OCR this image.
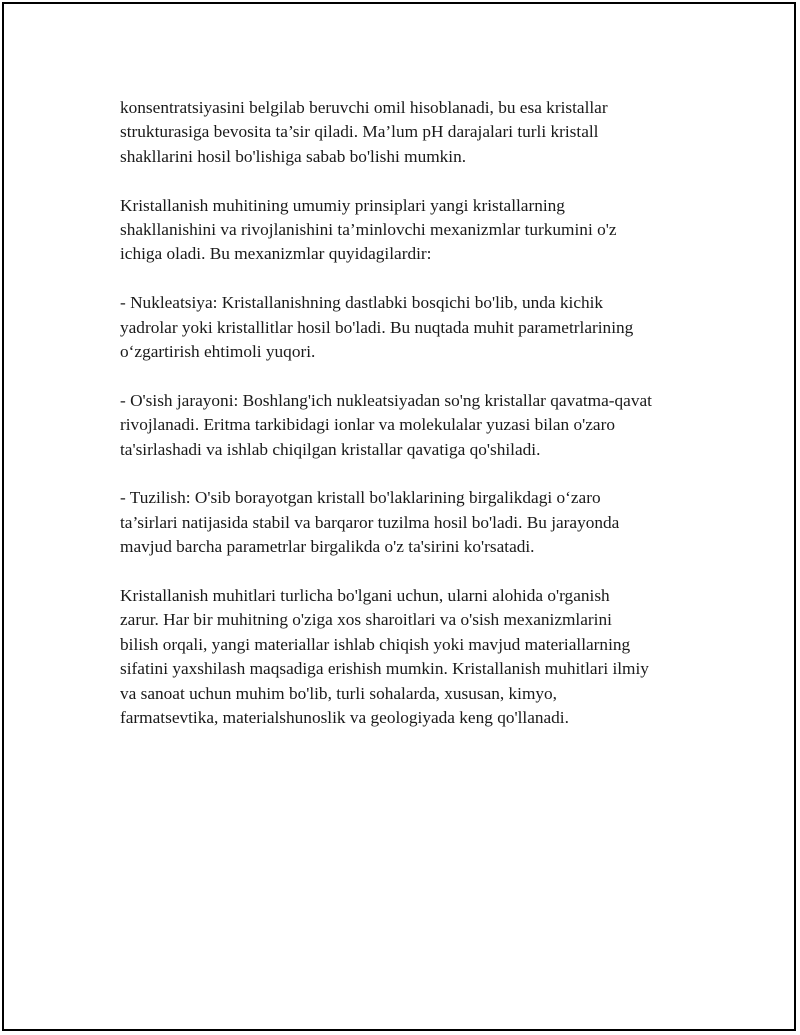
konsentratsiyasini belgilab beruvchi omil hisoblanadi, bu esa kristallar
strukturasiga bevosita ta’sir qiladi. Ma’lum pH darajalari turli kristall
shakllarini hosil bo'lishiga sabab bo'lishi mumkin.

Kristallanish muhitining umumiy prinsiplari yangi kristallarning
shakllanishini va rivojlanishini ta’minlovchi mexanizmlar turkumini o'z
ichiga oladi. Bu mexanizmlar quyidagilardir:

- Nukleatsiya: Kristallanishning dastlabki bosqichi bo'lib, unda kichik
yadrolar yoki kristallitlar hosil bo'ladi. Bu nuqtada muhit parametrlarining
o‘zgartirish ehtimoli yuqori.

- O'sish jarayoni: Boshlang'ich nukleatsiyadan so'ng kristallar qavatma-qavat
rivojlanadi. Eritma tarkibidagi ionlar va molekulalar yuzasi bilan o'zaro
ta'sirlashadi va ishlab chiqilgan kristallar qavatiga qo'shiladi.

- Tuzilish: O'sib borayotgan kristall bo'laklarining birgalikdagi o‘zaro
ta’sirlari natijasida stabil va barqaror tuzilma hosil bo'ladi. Bu jarayonda
mavjud barcha parametrlar birgalikda o'z ta'sirini ko'rsatadi.

Kristallanish muhitlari turlicha bo'lgani uchun, ularni alohida o'rganish
zarur. Har bir muhitning o'ziga xos sharoitlari va o'sish mexanizmlarini
bilish orqali, yangi materiallar ishlab chiqish yoki mavjud materiallarning
sifatini yaxshilash maqsadiga erishish mumkin. Kristallanish muhitlari ilmiy
va sanoat uchun muhim bo'lib, turli sohalarda, xususan, kimyo,
farmatsevtika, materialshunoslik va geologiyada keng qo'llanadi.
